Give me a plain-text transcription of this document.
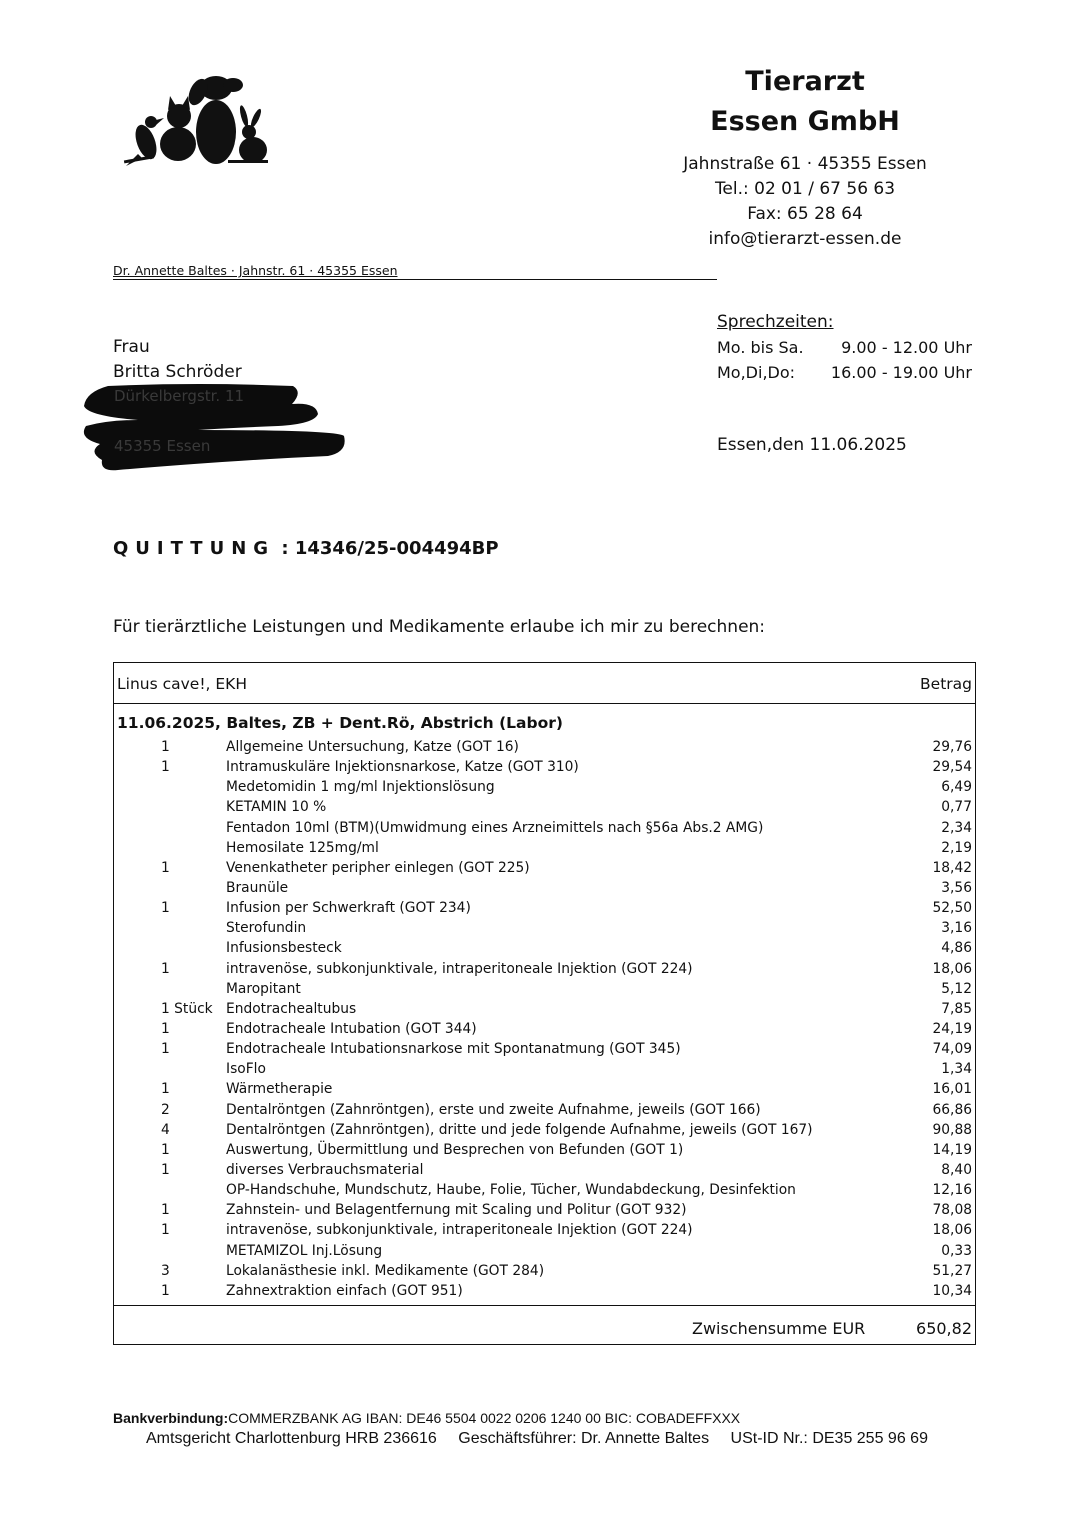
Tierarzt
Essen GmbH
Jahnstraße 61 · 45355 Essen
Tel.: 02 01 / 67 56 63
Fax: 65 28 64
info@tierarzt-essen.de
Dr. Annette Baltes · Jahnstr. 61 · 45355 Essen
Sprechzeiten:
Mo. bis Sa. 9.00 - 12.00 Uhr
Mo,Di,Do: 16.00 - 19.00 Uhr
Frau
Britta Schröder
Dürkelbergstr. 11
45355 Essen	Essen,den 11.06.2025
QUITTUNG : 14346/25-004494BP
Für tierärztliche Leistungen und Medikamente erlaube ich mir zu berechnen:
Linus cave!, EKH	Betrag
11.06.2025, Baltes, ZB + Dent.Rö, Abstrich (Labor)
1	Allgemeine Untersuchung, Katze (GOT 16)	29,76
1	Intramuskuläre Injektionsnarkose, Katze (GOT 310)	29,54
Medetomidin 1 mg/ml Injektionslösung	6,49
KETAMIN 10 %	0,77
Fentadon 10ml (BTM)(Umwidmung eines Arzneimittels nach §56a Abs.2 AMG)	2,34
Hemosilate 125mg/ml	2,19
1	Venenkatheter peripher einlegen (GOT 225)	18,42
Braunüle	3,56
1	Infusion per Schwerkraft (GOT 234)	52,50
Sterofundin	3,16
Infusionsbesteck	4,86
1	intravenöse, subkonjunktivale, intraperitoneale Injektion (GOT 224)	18,06
Maropitant	5,12
1 Stück Endotrachealtubus	7,85
1	Endotracheale Intubation (GOT 344)	24,19
1	Endotracheale Intubationsnarkose mit Spontanatmung (GOT 345)	74,09
IsoFlo	1,34
1	Wärmetherapie	16,01
2	Dentalröntgen (Zahnröntgen), erste und zweite Aufnahme, jeweils (GOT 166)	66,86
4	Dentalröntgen (Zahnröntgen), dritte und jede folgende Aufnahme, jeweils (GOT 167)	90,88
1	Auswertung, Übermittlung und Besprechen von Befunden (GOT 1)	14,19
1	diverses Verbrauchsmaterial	8,40
OP-Handschuhe, Mundschutz, Haube, Folie, Tücher, Wundabdeckung, Desinfektion	12,16
1	Zahnstein- und Belagentfernung mit Scaling und Politur (GOT 932)	78,08
1	intravenöse, subkonjunktivale, intraperitoneale Injektion (GOT 224)	18,06
METAMIZOL Inj.Lösung	0,33
3	Lokalanästhesie inkl. Medikamente (GOT 284)	51,27
1	Zahnextraktion einfach (GOT 951)	10,34
Zwischensumme EUR	650,82
Bankverbindung:COMMERZBANK AG IBAN: DE46 5504 0022 0206 1240 00 BIC: COBADEFFXXX
Amtsgericht Charlottenburg HRB 236616 Geschäftsführer: Dr. Annette Baltes USt-ID Nr.: DE35 255 96 69
